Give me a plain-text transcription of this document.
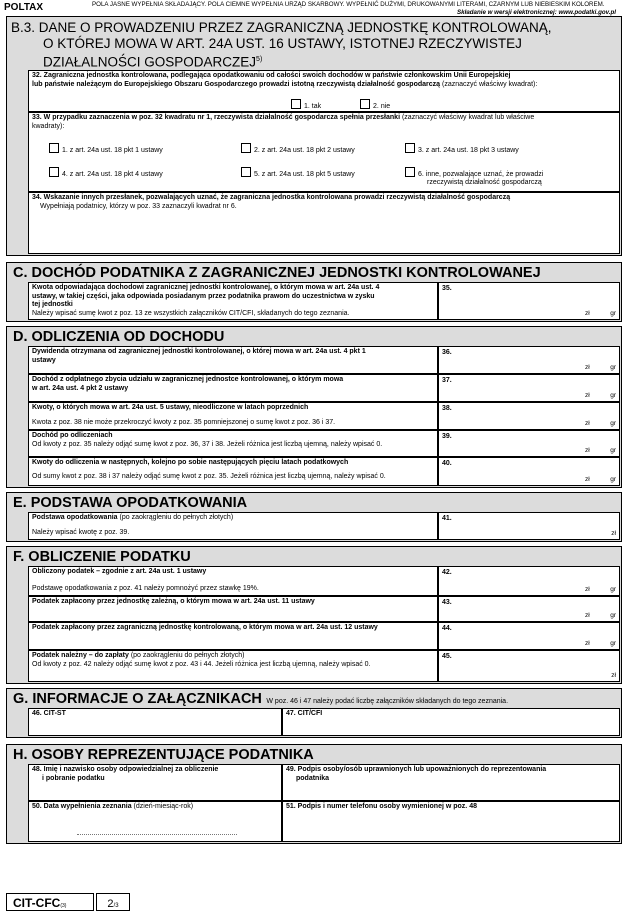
POLTAX	POLA JASNE WYPEŁNIA SKŁADAJĄCY. POLA CIEMNE WYPEŁNIA URZĄD SKARBOWY. WYPEŁNIĆ DUŻYMI, DRUKOWANYMI LITERAMI, CZARNYM LUB NIEBIESKIM KOLOREM.
Składanie w wersji elektronicznej: www.podatki.gov.pl
B.3. DANE O PROWADZENIU PRZEZ ZAGRANICZNĄ JEDNOSTKĘ KONTROLOWANĄ,
O KTÓREJ MOWA W ART. 24A UST. 16 USTAWY, ISTOTNEJ RZECZYWISTEJ
DZIAŁALNOŚCI GOSPODARCZEJ$^{5)}$
32. Zagraniczna jednostka kontrolowana, podlegająca opodatkowaniu od całości swoich dochodów w państwie członkowskim Unii Europejskiej
lub państwie należącym do Europejskiego Obszaru Gospodarczego prowadzi istotną rzeczywistą działalność gospodarczą (zaznaczyć właściwy kwadrat):
1. tak	2. nie
33. W przypadku zaznaczenia w poz. 32 kwadratu nr 1, rzeczywista działalność gospodarcza spełnia przesłanki (zaznaczyć właściwy kwadrat lub właściwe
kwadraty):
1. z art. 24a ust. 18 pkt 1 ustawy	2. z art. 24a ust. 18 pkt 2 ustawy	3. z art. 24a ust. 18 pkt 3 ustawy
4. z art. 24a ust. 18 pkt 4 ustawy	5. z art. 24a ust. 18 pkt 5 ustawy	6. inne, pozwalające uznać, że prowadzi
rzeczywistą działalność gospodarczą
34. Wskazanie innych przesłanek, pozwalających uznać, że zagraniczna jednostka kontrolowana prowadzi rzeczywistą działalność gospodarczą
Wypełniają podatnicy, którzy w poz. 33 zaznaczyli kwadrat nr 6.
C. DOCHÓD PODATNIKA Z ZAGRANICZNEJ JEDNOSTKI KONTROLOWANEJ
Kwota odpowiadająca dochodowi zagranicznej jednostki kontrolowanej, o którym mowa w art. 24a ust. 4
ustawy, w takiej części, jaka odpowiada posiadanym przez podatnika prawom do uczestnictwa w zysku
tej jednostki
Należy wpisać sumę kwot z poz. 13 ze wszystkich załączników CIT/CFI, składanych do tego zeznania.
35.
zł	gr
D. ODLICZENIA OD DOCHODU
Dywidenda otrzymana od zagranicznej jednostki kontrolowanej, o której mowa w art. 24a ust. 4 pkt 1
ustawy
36.
zł	gr
Dochód z odpłatnego zbycia udziału w zagranicznej jednostce kontrolowanej, o którym mowa
w art. 24a ust. 4 pkt 2 ustawy
37.
zł	gr
Kwoty, o których mowa w art. 24a ust. 5 ustawy, nieodliczone w latach poprzednich

Kwota z poz. 38 nie może przekroczyć kwoty z poz. 35 pomniejszonej o sumę kwot z poz. 36 i 37.
38.
zł	gr
Dochód po odliczeniach
Od kwoty z poz. 35 należy odjąć sumę kwot z poz. 36, 37 i 38. Jeżeli różnica jest liczbą ujemną, należy wpisać 0.
39.
zł	gr
Kwoty do odliczenia w następnych, kolejno po sobie następujących pięciu latach podatkowych

Od sumy kwot z poz. 38 i 37 należy odjąć sumę kwot z poz. 35. Jeżeli różnica jest liczbą ujemną, należy wpisać 0.
40.
zł	gr
E. PODSTAWA OPODATKOWANIA
Podstawa opodatkowania (po zaokrągleniu do pełnych złotych)

Należy wpisać kwotę z poz. 39.
41.
zł
F. OBLICZENIE PODATKU
Obliczony podatek – zgodnie z art. 24a ust. 1 ustawy

Podstawę opodatkowania z poz. 41 należy pomnożyć przez stawkę 19%.
42.
zł	gr
Podatek zapłacony przez jednostkę zależną, o którym mowa w art. 24a ust. 11 ustawy	43.
zł	gr
Podatek zapłacony przez zagraniczną jednostkę kontrolowaną, o którym mowa w art. 24a ust. 12 ustawy	44.
zł	gr
Podatek należny – do zapłaty (po zaokrągleniu do pełnych złotych)
Od kwoty z poz. 42 należy odjąć sumę kwot z poz. 43 i 44. Jeżeli różnica jest liczbą ujemną, należy wpisać 0.
45.
zł
G. INFORMACJE O ZAŁĄCZNIKACH W poz. 46 i 47 należy podać liczbę załączników składanych do tego zeznania.
46. CIT-ST	47. CIT/CFI
H. OSOBY REPREZENTUJĄCE PODATNIKA
48. Imię i nazwisko osoby odpowiedzialnej za obliczenie
i pobranie podatku
49. Podpis osoby/osób uprawnionych lub upoważnionych do reprezentowania
podatnika
50. Data wypełnienia zeznania (dzień-miesiąc-rok)	51. Podpis i numer telefonu osoby wymienionej w poz. 48
CIT-CFC(3)	2/3
